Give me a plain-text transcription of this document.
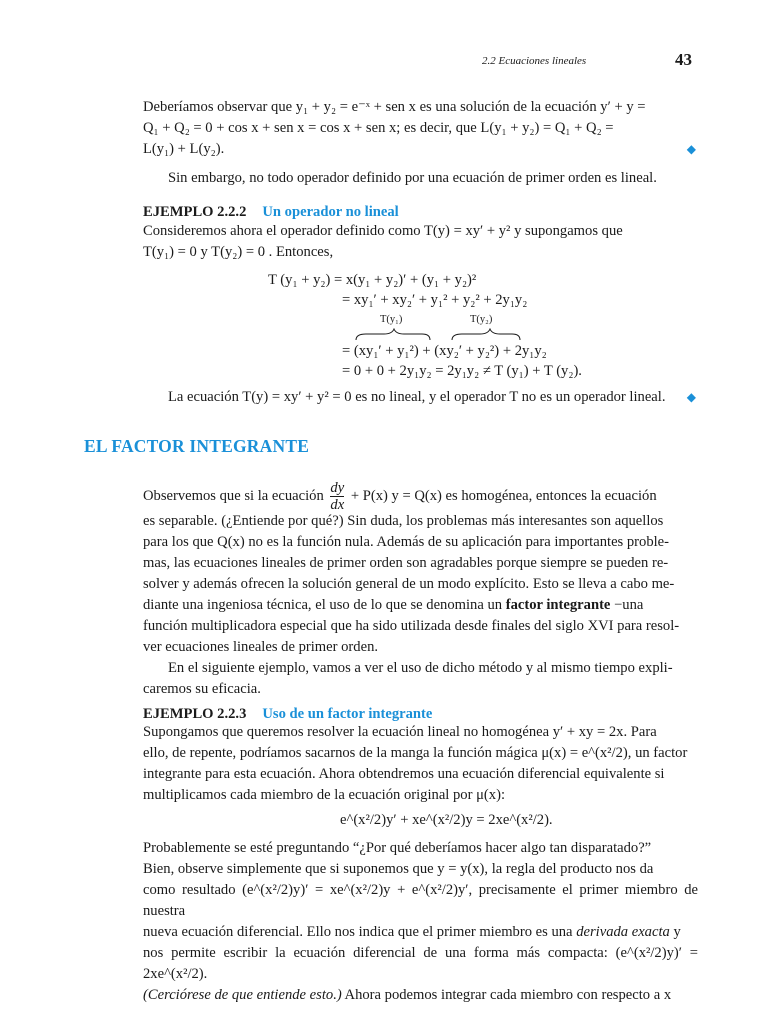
2.2 Ecuaciones lineales	43
Deberíamos observar que y₁ + y₂ = e⁻ˣ + sen x es una solución de la ecuación y′ + y =
Q₁ + Q₂ = 0 + cos x + sen x = cos x + sen x; es decir, que L(y₁ + y₂) = Q₁ + Q₂ =
L(y₁) + L(y₂).	◆
Sin embargo, no todo operador definido por una ecuación de primer orden es lineal.
EJEMPLO 2.2.2 Un operador no lineal
Consideremos ahora el operador definido como T(y) = xy′ + y² y supongamos que
T(y₁) = 0 y T(y₂) = 0 . Entonces,
T (y₁ + y₂) = x(y₁ + y₂)′ + (y₁ + y₂)²
= xy₁′ + xy₂′ + y₁² + y₂² + 2y₁y₂
T(y₁)	T(y₂)
= (xy₁′ + y₁²) + (xy₂′ + y₂²) + 2y₁y₂
= 0 + 0 + 2y₁y₂ = 2y₁y₂ ≠ T (y₁) + T (y₂).
La ecuación T(y) = xy′ + y² = 0 es no lineal, y el operador T no es un operador lineal. ◆
EL FACTOR INTEGRANTE
Observemos que si la ecuación $\frac{dy}{dx} + P(x) y = Q(x)$ es homogénea, entonces la ecuación
es separable. (¿Entiende por qué?) Sin duda, los problemas más interesantes son aquellos
para los que Q(x) no es la función nula. Además de su aplicación para importantes proble-
mas, las ecuaciones lineales de primer orden son agradables porque siempre se pueden re-
solver y además ofrecen la solución general de un modo explícito. Esto se lleva a cabo me-
diante una ingeniosa técnica, el uso de lo que se denomina un factor integrante −una
función multiplicadora especial que ha sido utilizada desde finales del siglo XVI para resol-
ver ecuaciones lineales de primer orden.
En el siguiente ejemplo, vamos a ver el uso de dicho método y al mismo tiempo expli-
caremos su eficacia.
EJEMPLO 2.2.3 Uso de un factor integrante
Supongamos que queremos resolver la ecuación lineal no homogénea y′ + xy = 2x. Para
ello, de repente, podríamos sacarnos de la manga la función mágica μ(x) = e^(x²/2), un factor
integrante para esta ecuación. Ahora obtendremos una ecuación diferencial equivalente si
multiplicamos cada miembro de la ecuación original por μ(x):
e^(x²/2)y′ + xe^(x²/2)y = 2xe^(x²/2).
Probablemente se esté preguntando “¿Por qué deberíamos hacer algo tan disparatado?”
Bien, observe simplemente que si suponemos que y = y(x), la regla del producto nos da
como resultado (e^(x²/2)y)′ = xe^(x²/2)y + e^(x²/2)y′, precisamente el primer miembro de nuestra
nueva ecuación diferencial. Ello nos indica que el primer miembro es una derivada exacta y
nos permite escribir la ecuación diferencial de una forma más compacta: (e^(x²/2)y)′ = 2xe^(x²/2).
(Cerciórese de que entiende esto.) Ahora podemos integrar cada miembro con respecto a x
